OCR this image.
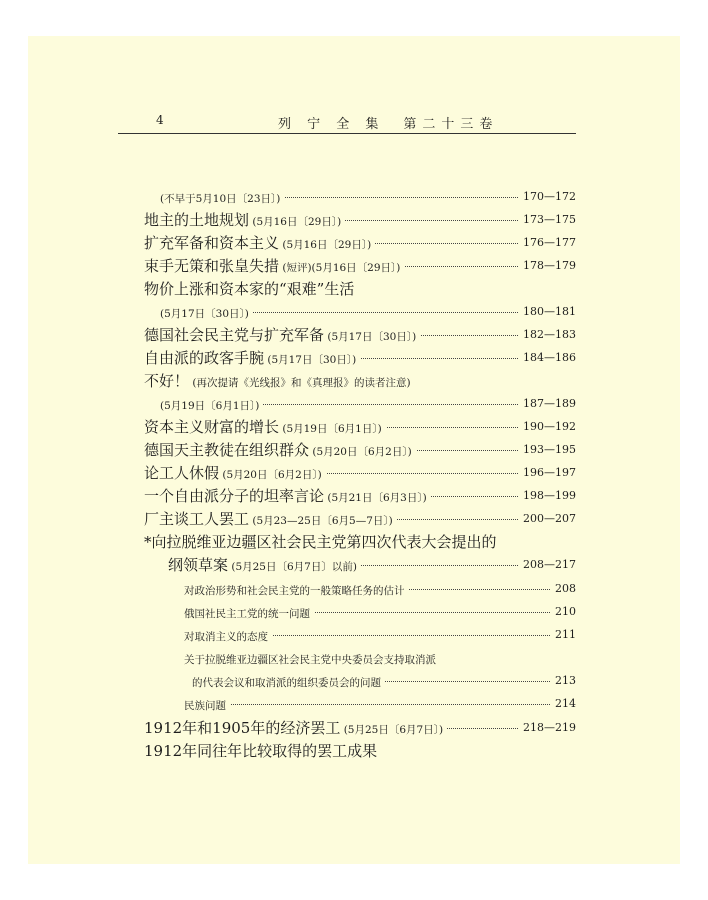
4	列 宁 全 集　第二十三卷
(不早于5月10日〔23日〕)	170—172
地主的土地规划 (5月16日〔29日〕)	173—175
扩充军备和资本主义 (5月16日〔29日〕)	176—177
束手无策和张皇失措 (短评)(5月16日〔29日〕)	178—179
物价上涨和资本家的“艰难”生活
(5月17日〔30日〕)	180—181
德国社会民主党与扩充军备 (5月17日〔30日〕)	182—183
自由派的政客手腕 (5月17日〔30日〕)	184—186
不好！ (再次提请《光线报》和《真理报》的读者注意)
(5月19日〔6月1日〕)	187—189
资本主义财富的增长 (5月19日〔6月1日〕)	190—192
德国天主教徒在组织群众 (5月20日〔6月2日〕)	193—195
论工人休假 (5月20日〔6月2日〕)	196—197
一个自由派分子的坦率言论 (5月21日〔6月3日〕)	198—199
厂主谈工人罢工 (5月23—25日〔6月5—7日〕)	200—207
*向拉脱维亚边疆区社会民主党第四次代表大会提出的
纲领草案 (5月25日〔6月7日〕以前)	208—217
对政治形势和社会民主党的一般策略任务的估计	208
俄国社民主工党的统一问题	210
对取消主义的态度	211
关于拉脱维亚边疆区社会民主党中央委员会支持取消派
的代表会议和取消派的组织委员会的问题	213
民族问题	214
1912年和1905年的经济罢工 (5月25日〔6月7日〕)	218—219
1912年同往年比较取得的罢工成果
